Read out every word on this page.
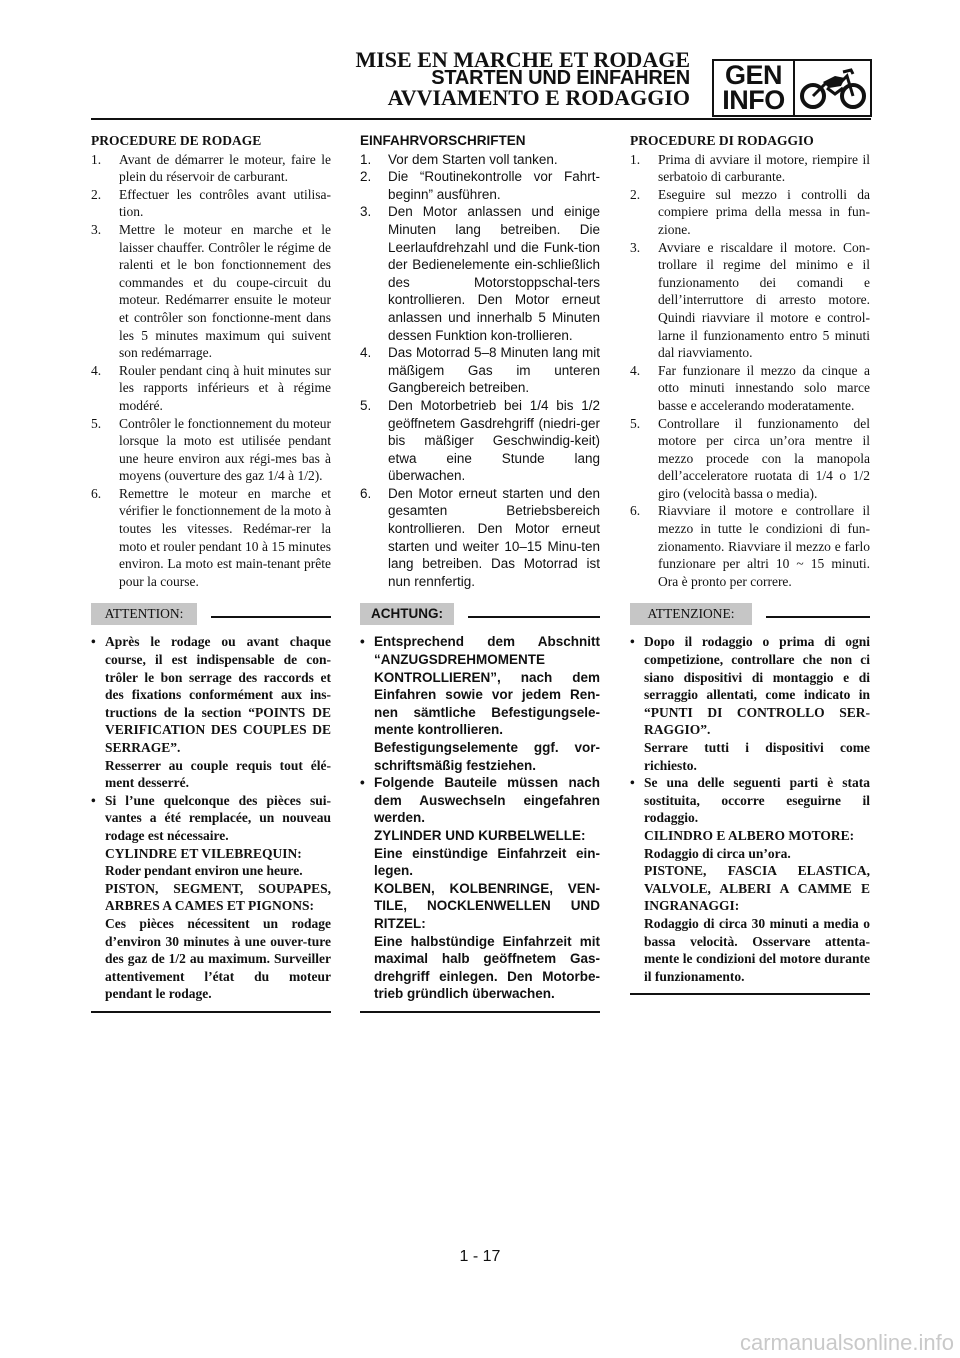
MISE EN MARCHE ET RODAGE
STARTEN UND EINFAHREN
AVVIAMENTO E RODAGGIO
GEN
INFO
PROCEDURE DE RODAGE
1. Avant de démarrer le moteur, faire le plein du réservoir de carburant.
2. Effectuer les contrôles avant utilisa-tion.
3. Mettre le moteur en marche et le laisser chauffer. Contrôler le régime de ralenti et le bon fonctionnement des commandes et du coupe-circuit du moteur. Redémarrer ensuite le moteur et contrôler son fonctionne-ment dans les 5 minutes maximum qui suivent son redémarrage.
4. Rouler pendant cinq à huit minutes sur les rapports inférieurs et à régime modéré.
5. Contrôler le fonctionnement du moteur lorsque la moto est utilisée pendant une heure environ aux régi-mes bas à moyens (ouverture des gaz 1/4 à 1/2).
6. Remettre le moteur en marche et vérifier le fonctionnement de la moto à toutes les vitesses. Redémar-rer la moto et rouler pendant 10 à 15 minutes environ. La moto est main-tenant prête pour la course.
ATTENTION:
• Après le rodage ou avant chaque course, il est indispensable de con-trôler le bon serrage des raccords et des fixations conformément aux ins-tructions de la section “POINTS DE VERIFICATION DES COUPLES DE SERRAGE”.
Resserrer au couple requis tout élé-ment desserré.
• Si l’une quelconque des pièces sui-vantes a été remplacée, un nouveau rodage est nécessaire.
CYLINDRE ET VILEBREQUIN:
Roder pendant environ une heure.
PISTON, SEGMENT, SOUPAPES, ARBRES A CAMES ET PIGNONS:
Ces pièces nécessitent un rodage d’environ 30 minutes à une ouver-ture des gaz de 1/2 au maximum. Surveiller attentivement l’état du moteur pendant le rodage.
EINFAHRVORSCHRIFTEN
1. Vor dem Starten voll tanken.
2. Die “Routinekontrolle vor Fahrt-beginn” ausführen.
3. Den Motor anlassen und einige Minuten lang betreiben. Die Leerlaufdrehzahl und die Funk-tion der Bedienelemente ein-schließlich des Motorstoppschal-ters kontrollieren. Den Motor erneut anlassen und innerhalb 5 Minuten dessen Funktion kon-trollieren.
4. Das Motorrad 5–8 Minuten lang mit mäßigem Gas im unteren Gangbereich betreiben.
5. Den Motorbetrieb bei 1/4 bis 1/2 geöffnetem Gasdrehgriff (niedri-ger bis mäßiger Geschwindig-keit) etwa eine Stunde lang überwachen.
6. Den Motor erneut starten und den gesamten Betriebsbereich kontrollieren. Den Motor erneut starten und weiter 10–15 Minu-ten lang betreiben. Das Motorrad ist nun rennfertig.
ACHTUNG:
• Entsprechend dem Abschnitt “ANZUGSDREHMOMENTE KONTROLLIEREN”, nach dem Einfahren sowie vor jedem Ren-nen sämtliche Befestigungsele-mente kontrollieren.
Befestigungselemente ggf. vor-schriftsmäßig festziehen.
• Folgende Bauteile müssen nach dem Auswechseln eingefahren werden.
ZYLINDER UND KURBELWELLE:
Eine einstündige Einfahrzeit ein-legen.
KOLBEN, KOLBENRINGE, VEN-TILE, NOCKLENWELLEN UND RITZEL:
Eine halbstündige Einfahrzeit mit maximal halb geöffnetem Gas-drehgriff einlegen. Den Motorbe-trieb gründlich überwachen.
PROCEDURE DI RODAGGIO
1. Prima di avviare il motore, riempire il serbatoio di carburante.
2. Eseguire sul mezzo i controlli da compiere prima della messa in fun-zione.
3. Avviare e riscaldare il motore. Con-trollare il regime del minimo e il funzionamento dei comandi e dell’interruttore di arresto motore. Quindi riavviare il motore e control-larne il funzionamento entro 5 minuti dal riavviamento.
4. Far funzionare il mezzo da cinque a otto minuti innestando solo marce basse e accelerando moderatamente.
5. Controllare il funzionamento del motore per circa un’ora mentre il mezzo procede con la manopola dell’acceleratore ruotata di 1/4 o 1/2 giro (velocità bassa o media).
6. Riavviare il motore e controllare il mezzo in tutte le condizioni di fun-zionamento. Riavviare il mezzo e farlo funzionare per altri 10 ~ 15 minuti. Ora è pronto per correre.
ATTENZIONE:
• Dopo il rodaggio o prima di ogni competizione, controllare che non ci siano dispositivi di montaggio e di serraggio allentati, come indicato in “PUNTI DI CONTROLLO SER-RAGGIO”.
Serrare tutti i dispositivi come richiesto.
• Se una delle seguenti parti è stata sostituita, occorre eseguirne il rodaggio.
CILINDRO E ALBERO MOTORE:
Rodaggio di circa un’ora.
PISTONE, FASCIA ELASTICA, VALVOLE, ALBERI A CAMME E INGRANAGGI:
Rodaggio di circa 30 minuti a media o bassa velocità. Osservare attenta-mente le condizioni del motore durante il funzionamento.
1 - 17
carmanualsonline.info
